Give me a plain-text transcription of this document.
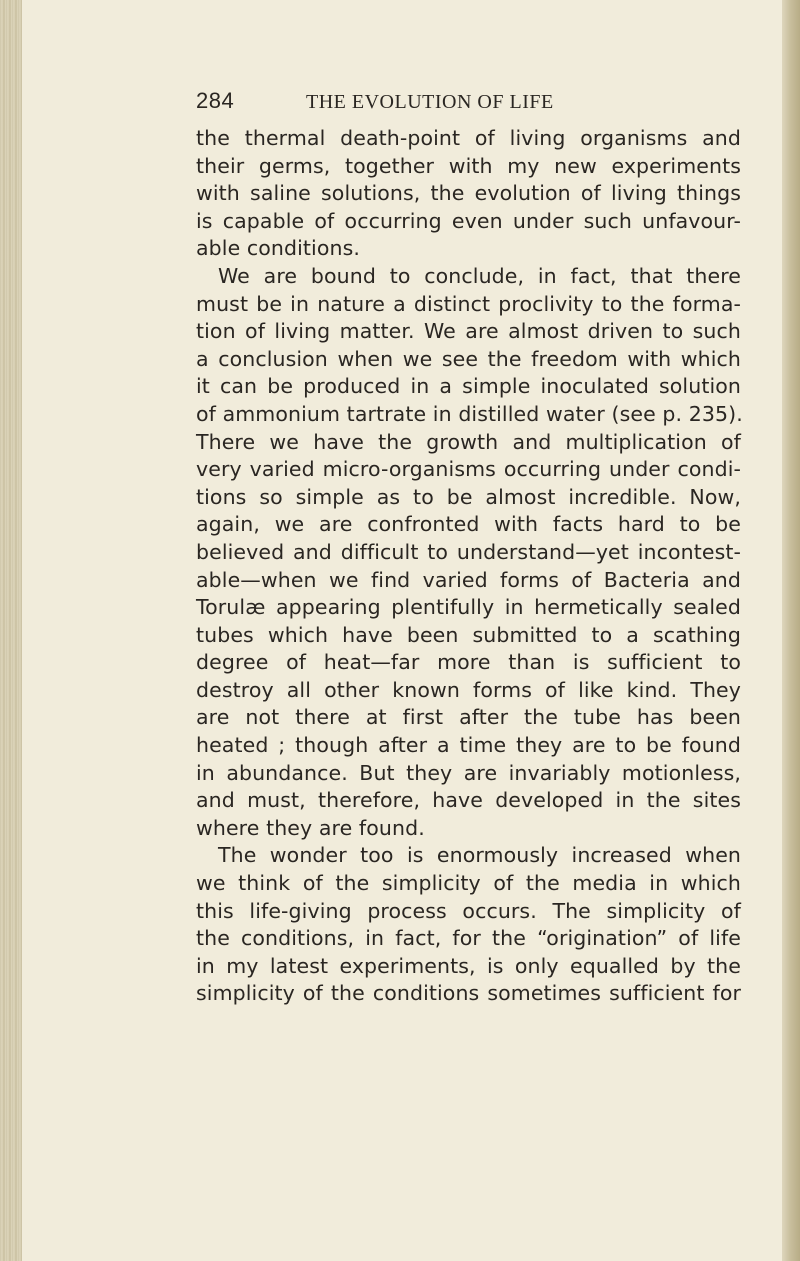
284	THE EVOLUTION OF LIFE
the thermal death-point of living organisms and
their germs, together with my new experiments
with saline solutions, the evolution of living things
is capable of occurring even under such unfavour-
able conditions.
We are bound to conclude, in fact, that there
must be in nature a distinct proclivity to the forma-
tion of living matter. We are almost driven to such
a conclusion when we see the freedom with which
it can be produced in a simple inoculated solution
of ammonium tartrate in distilled water (see p. 235).
There we have the growth and multiplication of
very varied micro-organisms occurring under condi-
tions so simple as to be almost incredible. Now,
again, we are confronted with facts hard to be
believed and difficult to understand—yet incontest-
able—when we find varied forms of Bacteria and
Torulæ appearing plentifully in hermetically sealed
tubes which have been submitted to a scathing
degree of heat—far more than is sufficient to
destroy all other known forms of like kind. They
are not there at first after the tube has been
heated ; though after a time they are to be found
in abundance. But they are invariably motionless,
and must, therefore, have developed in the sites
where they are found.
The wonder too is enormously increased when
we think of the simplicity of the media in which
this life-giving process occurs. The simplicity of
the conditions, in fact, for the “origination” of life
in my latest experiments, is only equalled by the
simplicity of the conditions sometimes sufficient for
